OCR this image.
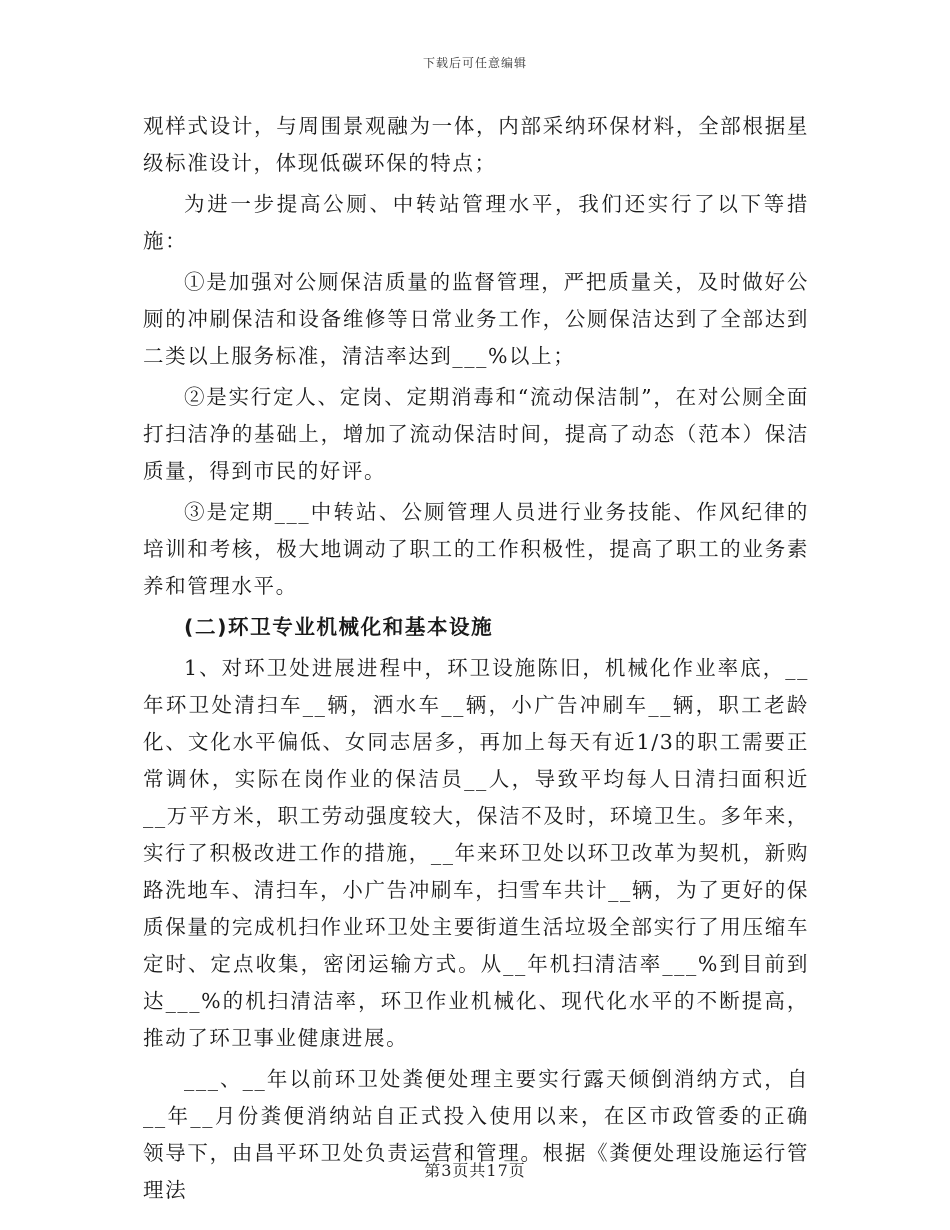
下载后可任意编辑

观样式设计，与周围景观融为一体，内部采纳环保材料，全部根据星级标准设计，体现低碳环保的特点；

为进一步提高公厕、中转站管理水平，我们还实行了以下等措施：

①是加强对公厕保洁质量的监督管理，严把质量关，及时做好公厕的冲刷保洁和设备维修等日常业务工作，公厕保洁达到了全部达到二类以上服务标准，清洁率达到___%以上；

②是实行定人、定岗、定期消毒和“流动保洁制”，在对公厕全面打扫洁净的基础上，增加了流动保洁时间，提高了动态（范本）保洁质量，得到市民的好评。

③是定期___中转站、公厕管理人员进行业务技能、作风纪律的培训和考核，极大地调动了职工的工作积极性，提高了职工的业务素养和管理水平。

(二)环卫专业机械化和基本设施

1、对环卫处进展进程中，环卫设施陈旧，机械化作业率底，__年环卫处清扫车__辆，洒水车__辆，小广告冲刷车__辆，职工老龄化、文化水平偏低、女同志居多，再加上每天有近1/3的职工需要正常调休，实际在岗作业的保洁员__人，导致平均每人日清扫面积近__万平方米，职工劳动强度较大，保洁不及时，环境卫生。多年来，实行了积极改进工作的措施，__年来环卫处以环卫改革为契机，新购路洗地车、清扫车，小广告冲刷车，扫雪车共计__辆，为了更好的保质保量的完成机扫作业环卫处主要街道生活垃圾全部实行了用压缩车定时、定点收集，密闭运输方式。从__年机扫清洁率___%到目前到达___%的机扫清洁率，环卫作业机械化、现代化水平的不断提高，推动了环卫事业健康进展。

___、__年以前环卫处粪便处理主要实行露天倾倒消纳方式，自__年__月份粪便消纳站自正式投入使用以来，在区市政管委的正确领导下，由昌平环卫处负责运营和管理。根据《粪便处理设施运行管理法

第3页共17页
